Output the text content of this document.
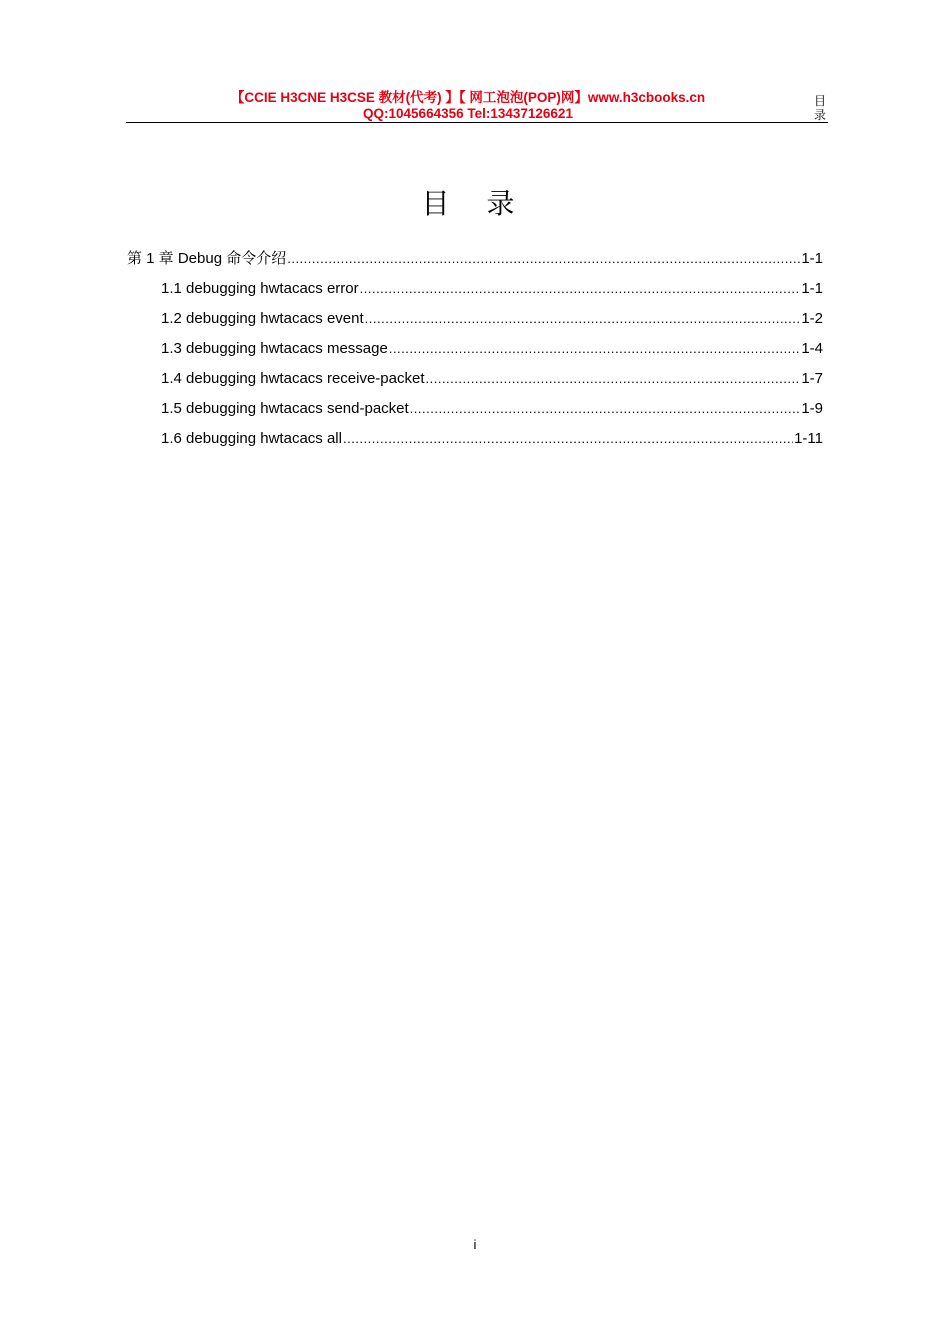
【CCIE H3CNE H3CSE 教材(代考) 】【 网工泡泡(POP)网】www.h3cbooks.cn
QQ:1045664356 Tel:13437126621
目录
目 录
第 1 章 Debug 命令介绍 .....	1-1
1.1 debugging hwtacacs error .....	1-1
1.2 debugging hwtacacs event .....	1-2
1.3 debugging hwtacacs message .....	1-4
1.4 debugging hwtacacs receive-packet .....	1-7
1.5 debugging hwtacacs send-packet .....	1-9
1.6 debugging hwtacacs all .....	1-11
i
